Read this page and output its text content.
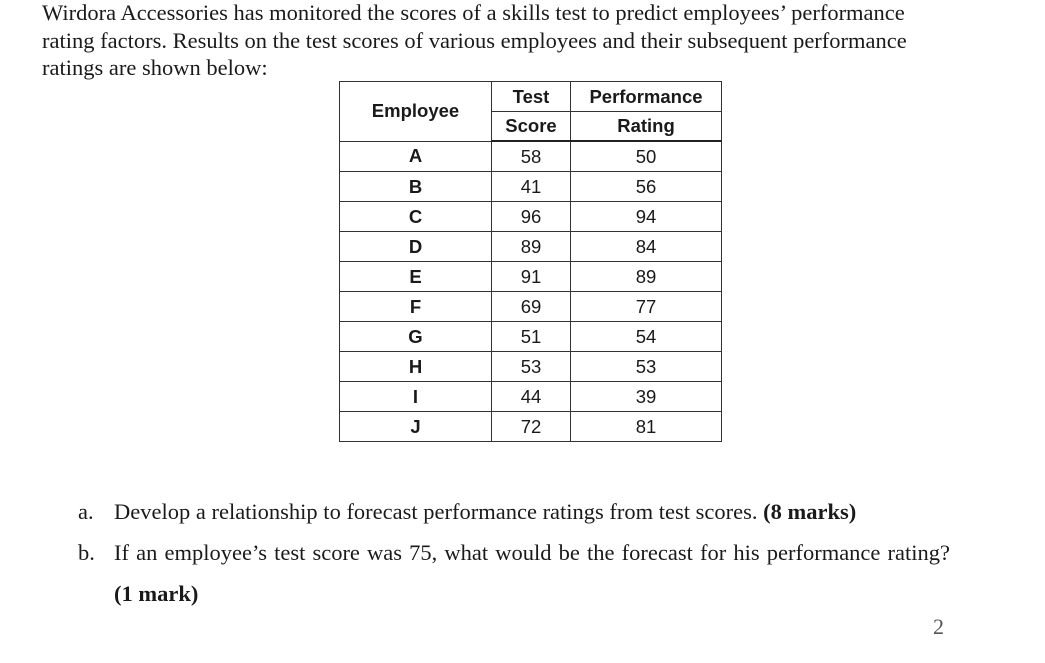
Wirdora Accessories has monitored the scores of a skills test to predict employees’ performance rating factors. Results on the test scores of various employees and their subsequent performance ratings are shown below:

Employee	Test	Performance
	Score	Rating
A	58	50
B	41	56
C	96	94
D	89	84
E	91	89
F	69	77
G	51	54
H	53	53
I	44	39
J	72	81
a. Develop a relationship to forecast performance ratings from test scores. (8 marks)
b. If an employee’s test score was 75, what would be the forecast for his performance rating? (1 mark)
2
